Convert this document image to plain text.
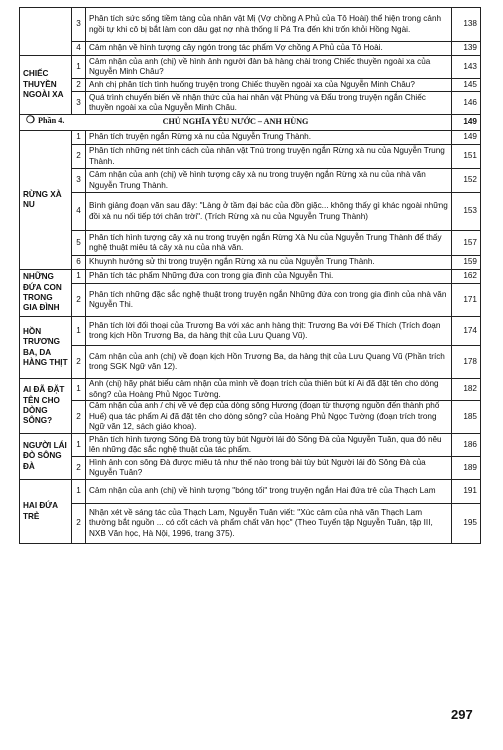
	3	Phân tích sức sống tiềm tàng của nhân vật Mị (Vợ chồng A Phủ của Tô Hoài) thể hiện trong cảnh ngồi tự khi cô bị bắt làm con dâu gạt nợ nhà thống lí Pá Tra đến khi trốn khỏi Hồng Ngài.	138
	4	Cảm nhận về hình tượng cây ngón trong tác phẩm Vợ chồng A Phủ của Tô Hoài.	139
CHIẾC THUYỀN NGOÀI XA	1	Cảm nhận của anh (chị) về hình ảnh người đàn bà hàng chài trong Chiếc thuyền ngoài xa của Nguyễn Minh Châu?	143
	2	Anh chị phân tích tình huống truyện trong Chiếc thuyền ngoài xa của Nguyễn Minh Châu?	145
	3	Quá trình chuyển biến về nhận thức của hai nhân vật Phùng và Đẩu trong truyện ngắn Chiếc thuyền ngoài xa của Nguyễn Minh Châu.	146

❍ Phần 4. CHỦ NGHĨA YÊU NƯỚC – ANH HÙNG			149
RỪNG XÀ NU	1	Phân tích truyện ngắn Rừng xà nu của Nguyễn Trung Thành.	149
	2	Phân tích những nét tính cách của nhân vật Tnú trong truyện ngắn Rừng xà nu của Nguyễn Trung Thành.	151
	3	Cảm nhận của anh (chị) về hình tượng cây xà nu trong truyện ngắn Rừng xà nu của nhà văn Nguyễn Trung Thành.	152
	4	Bình giảng đoạn văn sau đây: "Làng ở tầm đại bác của đồn giặc... không thấy gì khác ngoài những đồi xà nu nối tiếp tới chân trời". (Trích Rừng xà nu của Nguyễn Trung Thành)	153
	5	Phân tích hình tượng cây xà nu trong truyện ngắn Rừng Xà Nu của Nguyễn Trung Thành để thấy nghệ thuật miêu tả cây xà nu của nhà văn.	157
	6	Khuynh hướng sử thi trong truyện ngắn Rừng xà nu của Nguyễn Trung Thành.	159
NHỮNG ĐỨA CON TRONG GIA ĐÌNH	1	Phân tích tác phẩm Những đứa con trong gia đình của Nguyễn Thi.	162
	2	Phân tích những đặc sắc nghệ thuật trong truyện ngắn Những đứa con trong gia đình của nhà văn Nguyễn Thi.	171
HỒN TRƯƠNG BA, DA HÀNG THỊT	1	Phân tích lời đối thoại của Trương Ba với xác anh hàng thịt: Trương Ba với Đế Thích (Trích đoạn trong kịch Hồn Trương Ba, da hàng thịt của Lưu Quang Vũ).	174
	2	Cảm nhận của anh (chị) về đoạn kịch Hồn Trương Ba, da hàng thịt của Lưu Quang Vũ (Phần trích trong SGK Ngữ văn 12).	178
AI ĐÃ ĐẶT TÊN CHO DÒNG SÔNG?	1	Anh (chị) hãy phát biểu cảm nhận của mình về đoạn trích của thiên bút kí Ai đã đặt tên cho dòng sông? của Hoàng Phủ Ngọc Tường.	182
	2	Cảm nhận của anh / chị về vẻ đẹp của dòng sông Hương (đoạn từ thượng nguồn đến thành phố Huế) qua tác phẩm Ai đã đặt tên cho dòng sông? của Hoàng Phủ Ngọc Tường (đoạn trích trong Ngữ văn 12, sách giáo khoa).	185
NGƯỜI LÁI ĐÒ SÔNG ĐÀ	1	Phân tích hình tượng Sông Đà trong tùy bút Người lái đò Sông Đà của Nguyễn Tuân, qua đó nêu lên những đặc sắc nghệ thuật của tác phẩm.	186
	2	Hình ảnh con sông Đà được miêu tả như thế nào trong bài tùy bút Người lái đò Sông Đà của Nguyễn Tuân?	189
HAI ĐỨA TRẺ	1	Cảm nhận của anh (chị) về hình tượng "bóng tối" trong truyện ngắn Hai đứa trẻ của Thạch Lam	191
	2	Nhận xét về sáng tác của Thạch Lam, Nguyễn Tuân viết: "Xúc cảm của nhà văn Thạch Lam thường bắt nguồn ... có cốt cách và phẩm chất văn học" (Theo Tuyển tập Nguyễn Tuân, tập III, NXB Văn học, Hà Nội, 1996, trang 375).	195
297
